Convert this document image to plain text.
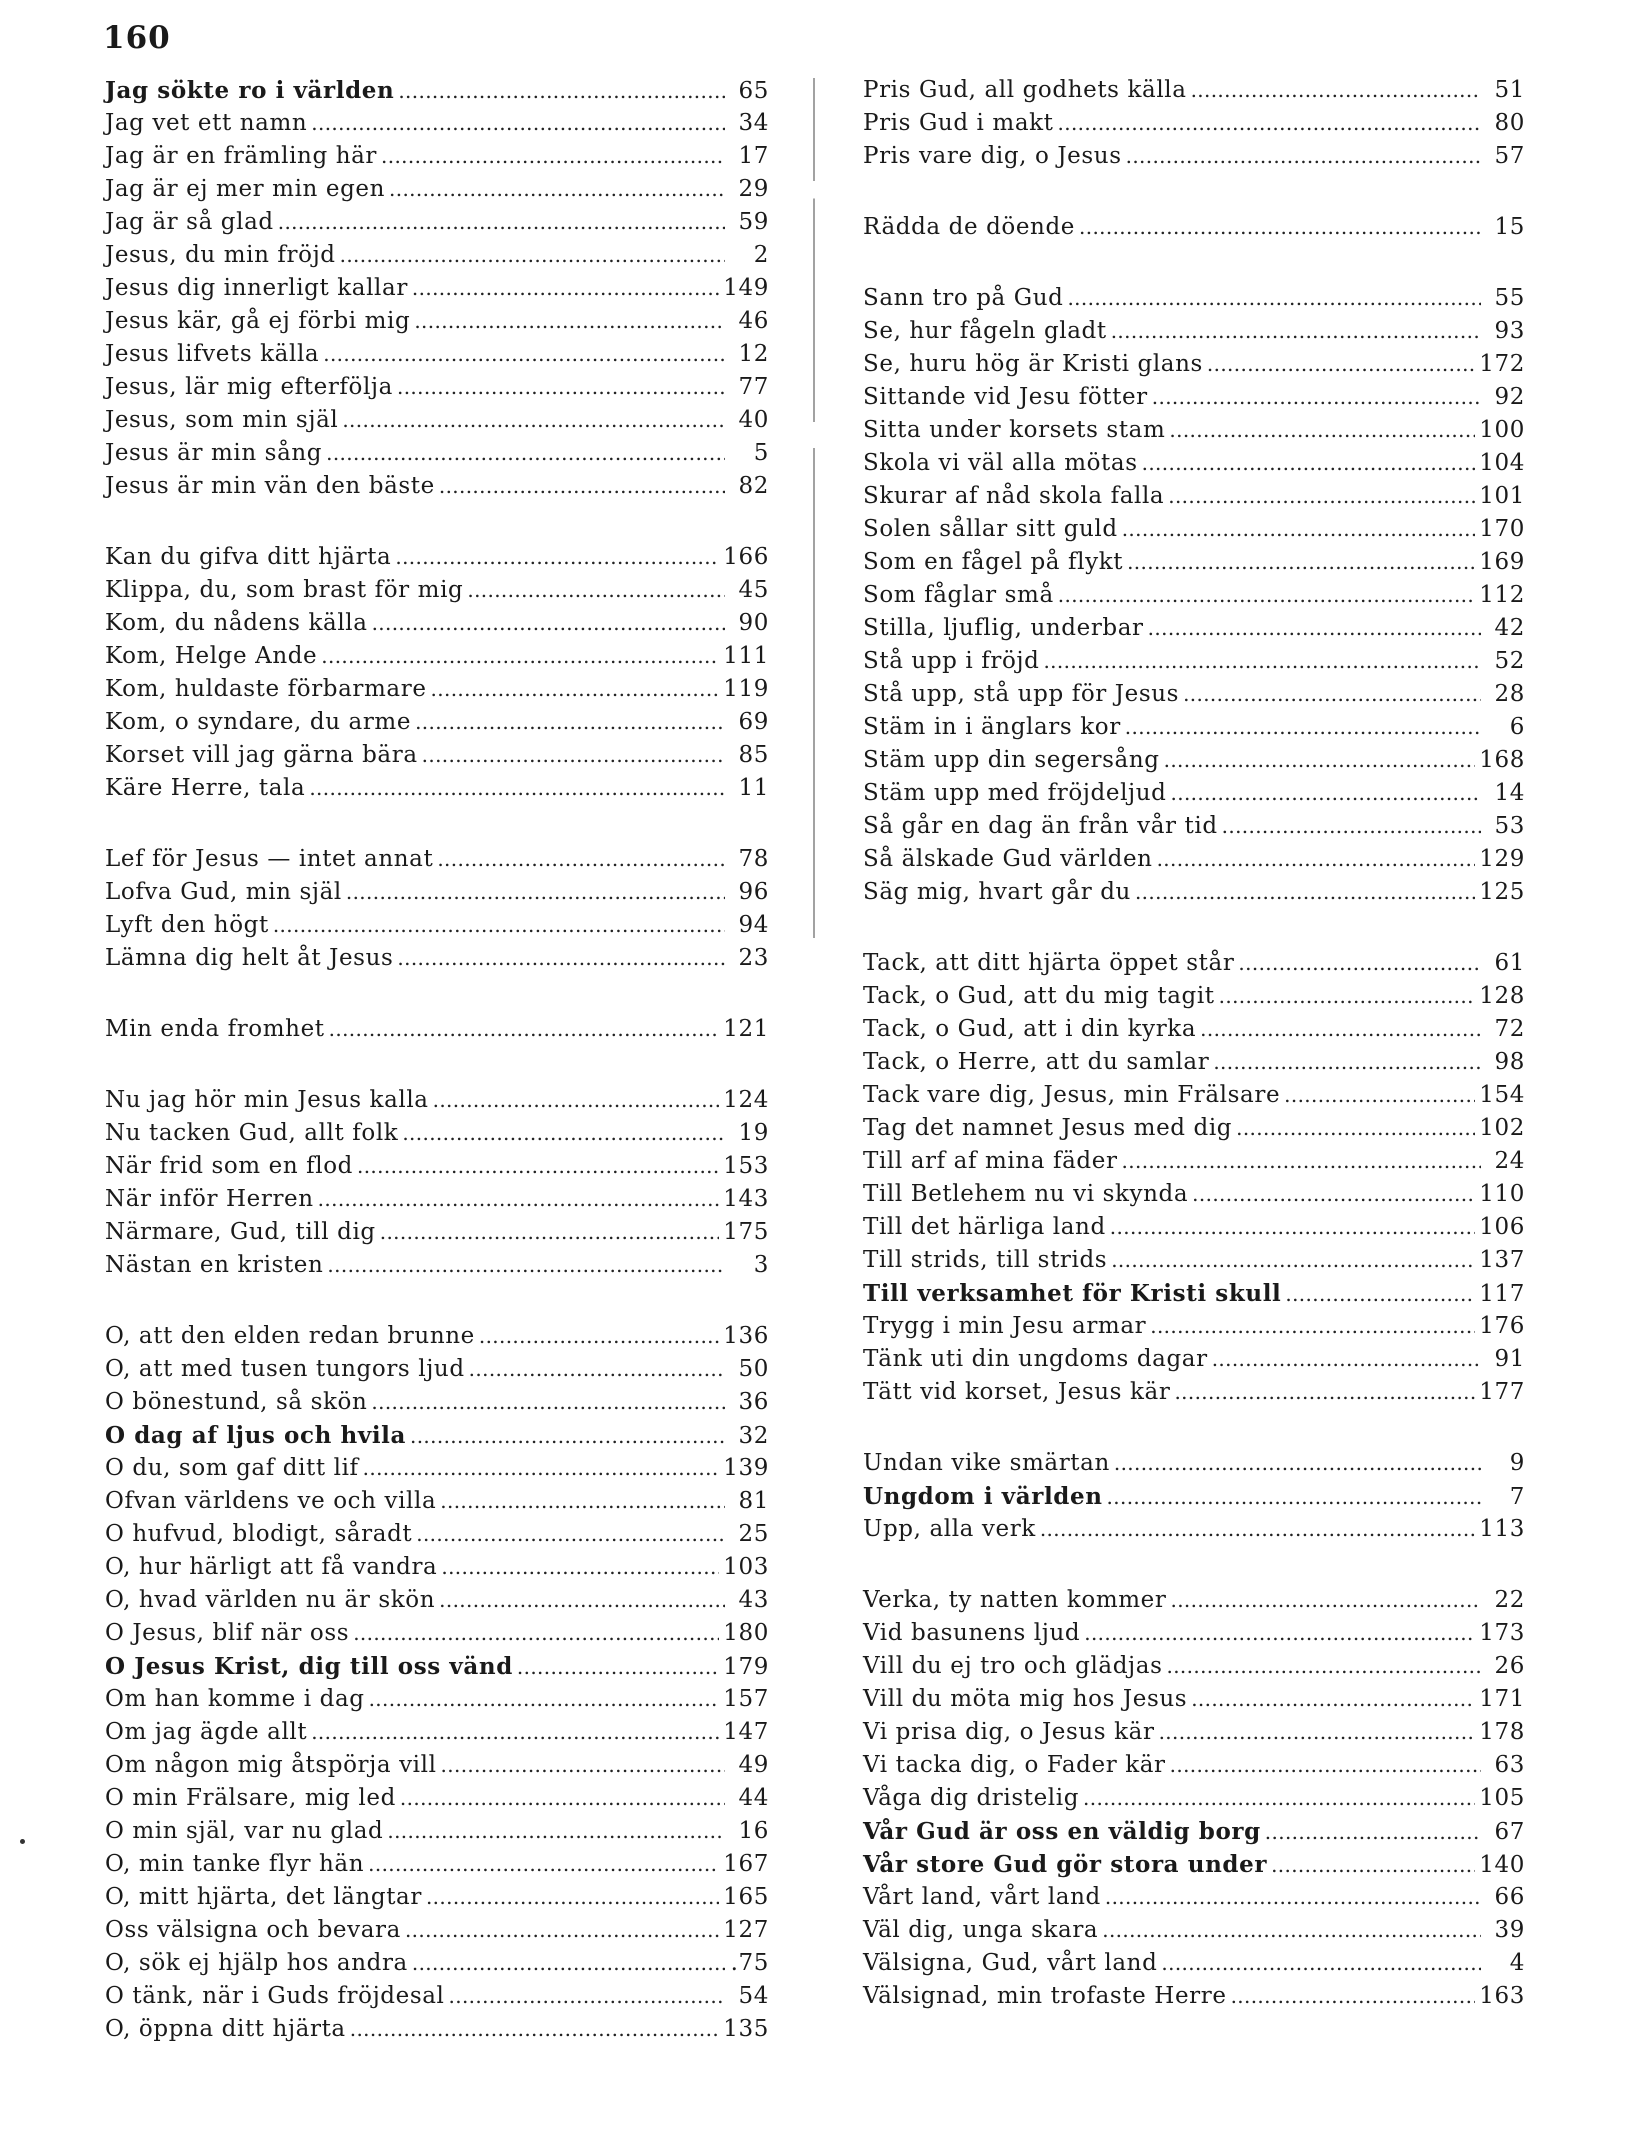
160
Jag sökte ro i världen . . .	65
Jag vet ett namn . . .	34
Jag är en främling här . . .	17
Jag är ej mer min egen . . .	29
Jag är så glad . . .	59
Jesus, du min fröjd . . .	2
Jesus dig innerligt kallar . . .	149
Jesus kär, gå ej förbi mig . . .	46
Jesus lifvets källa . . .	12
Jesus, lär mig efterfölja . . .	77
Jesus, som min själ . . .	40
Jesus är min sång . . .	5
Jesus är min vän den bäste . . .	82
Kan du gifva ditt hjärta . . .	166
Klippa, du, som brast för mig . . .	45
Kom, du nådens källa . . .	90
Kom, Helge Ande . . .	111
Kom, huldaste förbarmare . . .	119
Kom, o syndare, du arme . . .	69
Korset vill jag gärna bära . . .	85
Käre Herre, tala . . .	11
Lef för Jesus — intet annat . . .	78
Lofva Gud, min själ . . .	96
Lyft den högt . . .	94
Lämna dig helt åt Jesus . . .	23
Min enda fromhet . . .	121
Nu jag hör min Jesus kalla . . .	124
Nu tacken Gud, allt folk . . .	19
När frid som en flod . . .	153
När inför Herren . . .	143
Närmare, Gud, till dig . . .	175
Nästan en kristen . . .	3
O, att den elden redan brunne . . .	136
O, att med tusen tungors ljud . . .	50
O bönestund, så skön . . .	36
O dag af ljus och hvila . . .	32
O du, som gaf ditt lif . . .	139
Ofvan världens ve och villa . . .	81
O hufvud, blodigt, såradt . . .	25
O, hur härligt att få vandra . . .	103
O, hvad världen nu är skön . . .	43
O Jesus, blif när oss . . .	180
O Jesus Krist, dig till oss vänd . . .	179
Om han komme i dag . . .	157
Om jag ägde allt . . .	147
Om någon mig åtspörja vill . . .	49
O min Frälsare, mig led . . .	44
O min själ, var nu glad . . .	16
O, min tanke flyr hän . . .	167
O, mitt hjärta, det längtar . . .	165
Oss välsigna och bevara . . .	127
O, sök ej hjälp hos andra . . .	.75
O tänk, när i Guds fröjdesal . . .	54
O, öppna ditt hjärta . . .	135
Pris Gud, all godhets källa . . .	51
Pris Gud i makt . . .	80
Pris vare dig, o Jesus . . .	57
Rädda de döende . . .	15
Sann tro på Gud . . .	55
Se, hur fågeln gladt . . .	93
Se, huru hög är Kristi glans . . .	172
Sittande vid Jesu fötter . . .	92
Sitta under korsets stam . . .	100
Skola vi väl alla mötas . . .	104
Skurar af nåd skola falla . . .	101
Solen sållar sitt guld . . .	170
Som en fågel på flykt . . .	169
Som fåglar små . . .	112
Stilla, ljuflig, underbar . . .	42
Stå upp i fröjd . . .	52
Stå upp, stå upp för Jesus . . .	28
Stäm in i änglars kor . . .	6
Stäm upp din segersång . . .	168
Stäm upp med fröjdeljud . . .	14
Så går en dag än från vår tid . . .	53
Så älskade Gud världen . . .	129
Säg mig, hvart går du . . .	125
Tack, att ditt hjärta öppet står . . .	61
Tack, o Gud, att du mig tagit . . .	128
Tack, o Gud, att i din kyrka . . .	72
Tack, o Herre, att du samlar . . .	98
Tack vare dig, Jesus, min Frälsare . . .	154
Tag det namnet Jesus med dig . . .	102
Till arf af mina fäder . . .	24
Till Betlehem nu vi skynda . . .	110
Till det härliga land . . .	106
Till strids, till strids . . .	137
Till verksamhet för Kristi skull . . .	117
Trygg i min Jesu armar . . .	176
Tänk uti din ungdoms dagar . . .	91
Tätt vid korset, Jesus kär . . .	177
Undan vike smärtan . . .	9
Ungdom i världen . . .	7
Upp, alla verk . . .	113
Verka, ty natten kommer . . .	22
Vid basunens ljud . . .	173
Vill du ej tro och glädjas . . .	26
Vill du möta mig hos Jesus . . .	171
Vi prisa dig, o Jesus kär . . .	178
Vi tacka dig, o Fader kär . . .	63
Våga dig dristelig . . .	105
Vår Gud är oss en väldig borg . . .	67
Vår store Gud gör stora under . . .	140
Vårt land, vårt land . . .	66
Väl dig, unga skara . . .	39
Välsigna, Gud, vårt land . . .	4
Välsignad, min trofaste Herre . . .	163
